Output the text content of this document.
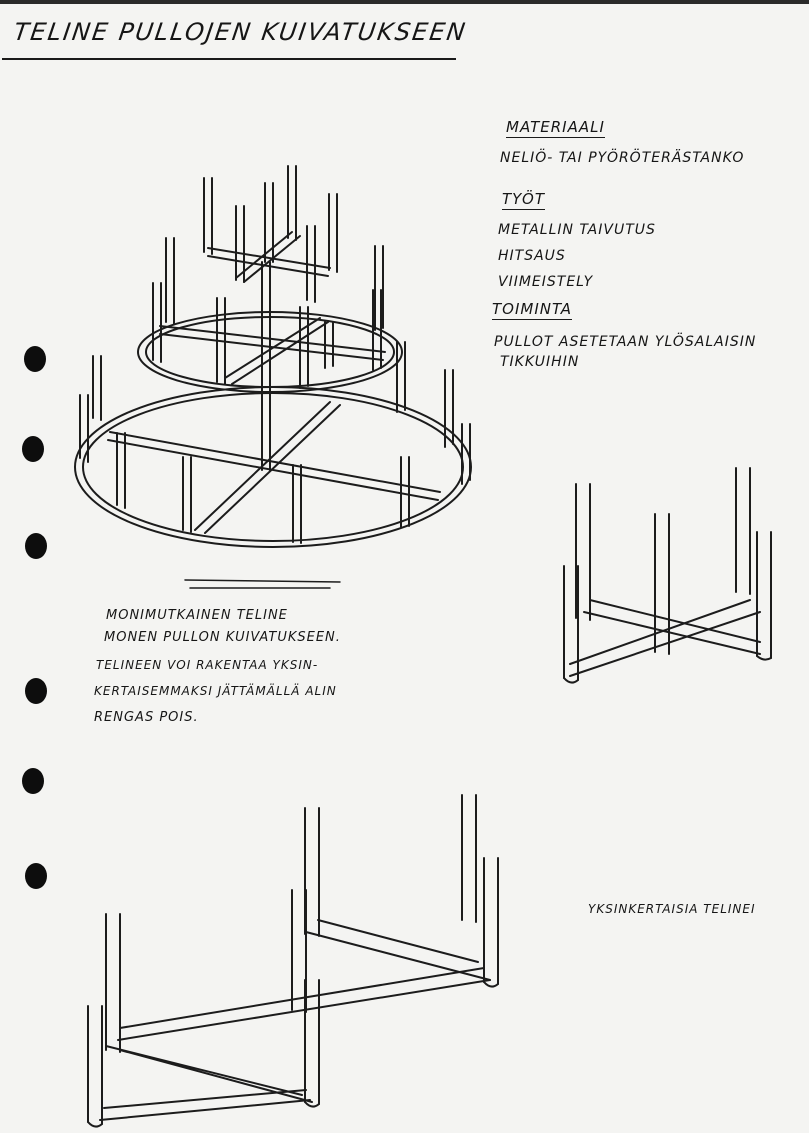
TELINE PULLOJEN KUIVATUKSEEN
MATERIAALI
NELIÖ- TAI PYÖRÖTERÄSTANKO
TYÖT
METALLIN TAIVUTUS
HITSAUS
VIIMEISTELY
TOIMINTA
PULLOT ASETETAAN YLÖSALAISIN
TIKKUIHIN
MONIMUTKAINEN TELINE
MONEN PULLON KUIVATUKSEEN.
TELINEEN VOI RAKENTAA YKSIN-
KERTAISEMMAKSI JÄTTÄMÄLLÄ ALIN
RENGAS POIS.
YKSINKERTAISIA TELINEI
